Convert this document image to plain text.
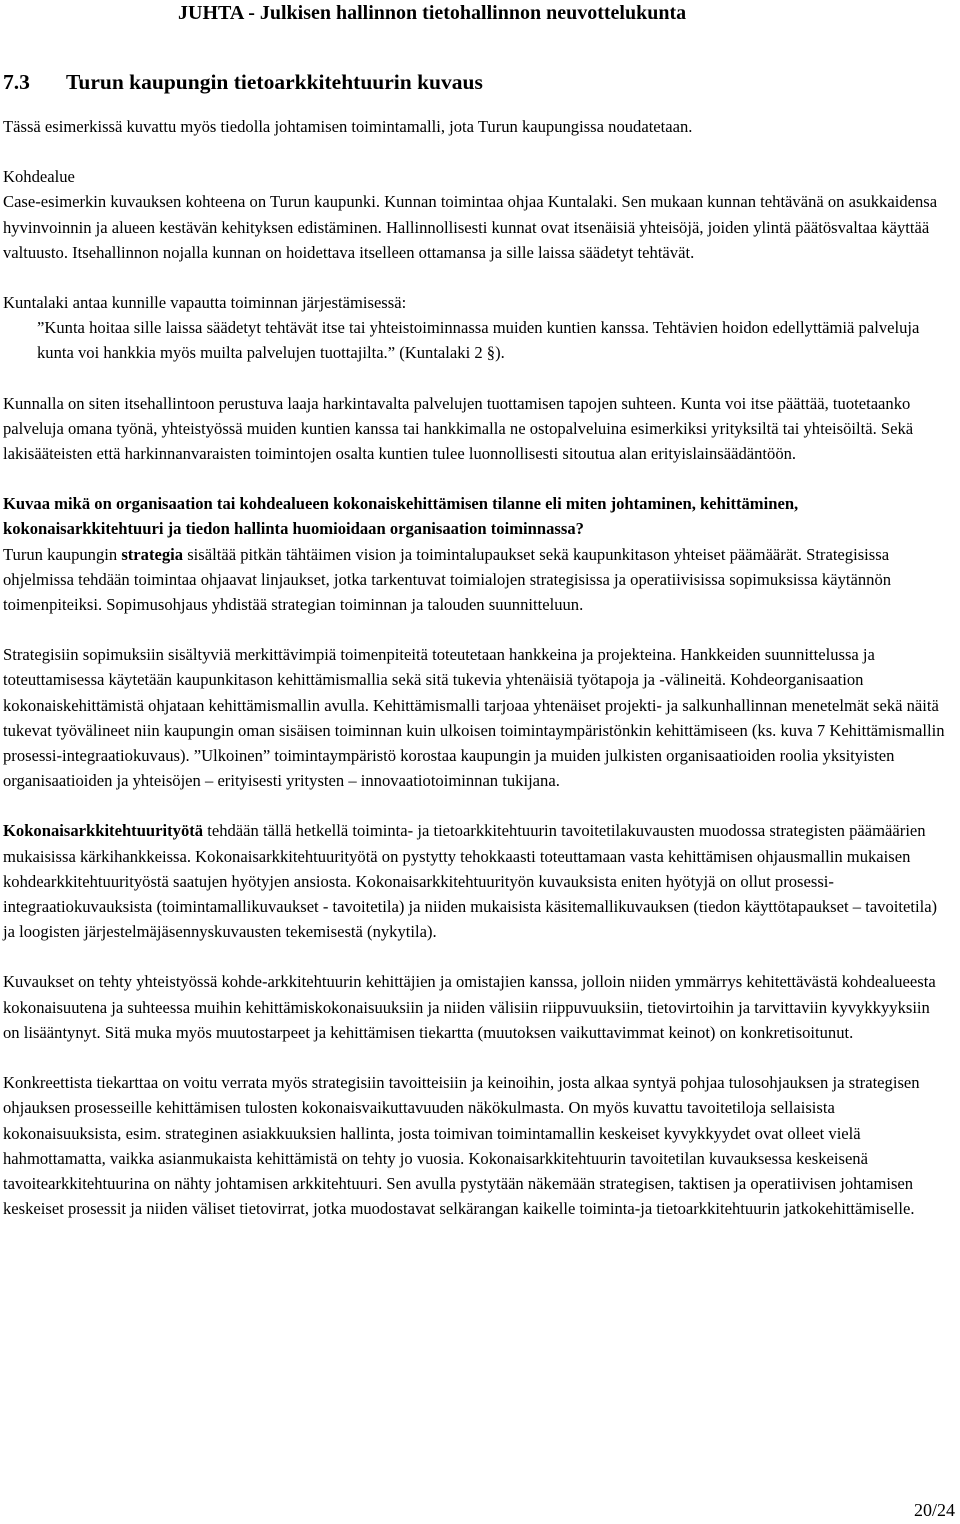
JUHTA - Julkisen hallinnon tietohallinnon neuvottelukunta
7.3 Turun kaupungin tietoarkkitehtuurin kuvaus

Tässä esimerkissä kuvattu myös tiedolla johtamisen toimintamalli, jota Turun kaupungissa noudatetaan.

Kohdealue
Case-esimerkin kuvauksen kohteena on Turun kaupunki. Kunnan toimintaa ohjaa Kuntalaki. Sen mukaan kunnan tehtävänä on asukkaidensa hyvinvoinnin ja alueen kestävän kehityksen edistäminen. Hallinnollisesti kunnat ovat itsenäisiä yhteisöjä, joiden ylintä päätösvaltaa käyttää valtuusto. Itsehallinnon nojalla kunnan on hoidettava itselleen ottamansa ja sille laissa säädetyt tehtävät.

Kuntalaki antaa kunnille vapautta toiminnan järjestämisessä:
”Kunta hoitaa sille laissa säädetyt tehtävät itse tai yhteistoiminnassa muiden kuntien kanssa. Tehtävien hoidon edellyttämiä palveluja kunta voi hankkia myös muilta palvelujen tuottajilta.” (Kuntalaki 2 §).

Kunnalla on siten itsehallintoon perustuva laaja harkintavalta palvelujen tuottamisen tapojen suhteen. Kunta voi itse päättää, tuotetaanko palveluja omana työnä, yhteistyössä muiden kuntien kanssa tai hankkimalla ne ostopalveluina esimerkiksi yrityksiltä tai yhteisöiltä. Sekä lakisääteisten että harkinnanvaraisten toimintojen osalta kuntien tulee luonnollisesti sitoutua alan erityislainsäädäntöön.

Kuvaa mikä on organisaation tai kohdealueen kokonaiskehittämisen tilanne eli miten johtaminen, kehittäminen, kokonaisarkkitehtuuri ja tiedon hallinta huomioidaan organisaation toiminnassa?
Turun kaupungin strategia sisältää pitkän tähtäimen vision ja toimintalupaukset sekä kaupunkitason yhteiset päämäärät. Strategisissa ohjelmissa tehdään toimintaa ohjaavat linjaukset, jotka tarkentuvat toimialojen strategisissa ja operatiivisissa sopimuksissa käytännön toimenpiteiksi. Sopimusohjaus yhdistää strategian toiminnan ja talouden suunnitteluun.

Strategisiin sopimuksiin sisältyviä merkittävimpiä toimenpiteitä toteutetaan hankkeina ja projekteina. Hankkeiden suunnittelussa ja toteuttamisessa käytetään kaupunkitason kehittämismallia sekä sitä tukevia yhtenäisiä työtapoja ja -välineitä. Kohdeorganisaation kokonaiskehittämistä ohjataan kehittämismallin avulla. Kehittämismalli tarjoaa yhtenäiset projekti- ja salkunhallinnan menetelmät sekä näitä tukevat työvälineet niin kaupungin oman sisäisen toiminnan kuin ulkoisen toimintaympäristönkin kehittämiseen (ks. kuva 7 Kehittämismallin prosessi-integraatiokuvaus). ”Ulkoinen” toimintaympäristö korostaa kaupungin ja muiden julkisten organisaatioiden roolia yksityisten organisaatioiden ja yhteisöjen – erityisesti yritysten – innovaatiotoiminnan tukijana.

Kokonaisarkkitehtuurityötä tehdään tällä hetkellä toiminta- ja tietoarkkitehtuurin tavoitetilakuvausten muodossa strategisten päämäärien mukaisissa kärkihankkeissa. Kokonaisarkkitehtuurityötä on pystytty tehokkaasti toteuttamaan vasta kehittämisen ohjausmallin mukaisen kohdearkkitehtuurityöstä saatujen hyötyjen ansiosta. Kokonaisarkkitehtuurityön kuvauksista eniten hyötyjä on ollut prosessi-integraatiokuvauksista (toimintamallikuvaukset - tavoitetila) ja niiden mukaisista käsitemallikuvauksen (tiedon käyttötapaukset – tavoitetila) ja loogisten järjestelmäjäsennyskuvausten tekemisestä (nykytila).

Kuvaukset on tehty yhteistyössä kohde-arkkitehtuurin kehittäjien ja omistajien kanssa, jolloin niiden ymmärrys kehitettävästä kohdealueesta kokonaisuutena ja suhteessa muihin kehittämiskokonaisuuksiin ja niiden välisiin riippuvuuksiin, tietovirtoihin ja tarvittaviin kyvykkyyksiin on lisääntynyt. Sitä muka myös muutostarpeet ja kehittämisen tiekartta (muutoksen vaikuttavimmat keinot) on konkretisoitunut.

Konkreettista tiekarttaa on voitu verrata myös strategisiin tavoitteisiin ja keinoihin, josta alkaa syntyä pohjaa tulosohjauksen ja strategisen ohjauksen prosesseille kehittämisen tulosten kokonaisvaikuttavuuden näkökulmasta. On myös kuvattu tavoitetiloja sellaisista kokonaisuuksista, esim. strateginen asiakkuuksien hallinta, josta toimivan toimintamallin keskeiset kyvykkyydet ovat olleet vielä hahmottamatta, vaikka asianmukaista kehittämistä on tehty jo vuosia. Kokonaisarkkitehtuurin tavoitetilan kuvauksessa keskeisenä tavoitearkkitehtuurina on nähty johtamisen arkkitehtuuri. Sen avulla pystytään näkemään strategisen, taktisen ja operatiivisen johtamisen keskeiset prosessit ja niiden väliset tietovirrat, jotka muodostavat selkärangan kaikelle toiminta-ja tietoarkkitehtuurin jatkokehittämiselle.

20/24
